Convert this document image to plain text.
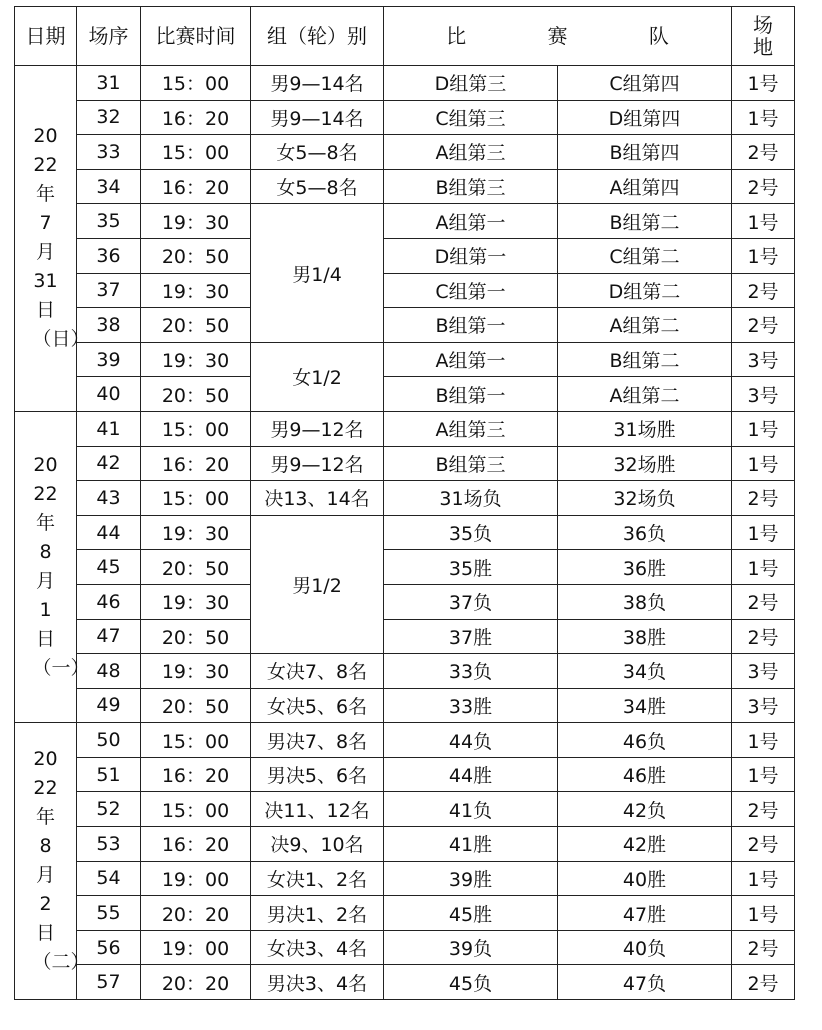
日期	场序	比赛时间	组（轮）别	比 赛 队		场
地
2022年7月31日（日）	31	15：00	男9—14名	D组第三	C组第四	1号
	32	16：20	男9—14名	C组第三	D组第四	1号
	33	15：00	女5—8名	A组第三	B组第四	2号
	34	16：20	女5—8名	B组第三	A组第四	2号
	35	19：30	男1/4	A组第一	B组第二	1号
	36	20：50		D组第一	C组第二	1号
	37	19：30		C组第一	D组第二	2号
	38	20：50		B组第一	A组第二	2号
	39	19：30	女1/2	A组第一	B组第二	3号
	40	20：50		B组第一	A组第二	3号
2022年8月1日（一）	41	15：00	男9—12名	A组第三	31场胜	1号
	42	16：20	男9—12名	B组第三	32场胜	1号
	43	15：00	决13、14名	31场负	32场负	2号
	44	19：30	男1/2	35负	36负	1号
	45	20：50		35胜	36胜	1号
	46	19：30		37负	38负	2号
	47	20：50		37胜	38胜	2号
	48	19：30	女决7、8名	33负	34负	3号
	49	20：50	女决5、6名	33胜	34胜	3号
2022年8月2日（二）	50	15：00	男决7、8名	44负	46负	1号
	51	16：20	男决5、6名	44胜	46胜	1号
	52	15：00	决11、12名	41负	42负	2号
	53	16：20	决9、10名	41胜	42胜	2号
	54	19：00	女决1、2名	39胜	40胜	1号
	55	20：20	男决1、2名	45胜	47胜	1号
	56	19：00	女决3、4名	39负	40负	2号
	57	20：20	男决3、4名	45负	47负	2号
